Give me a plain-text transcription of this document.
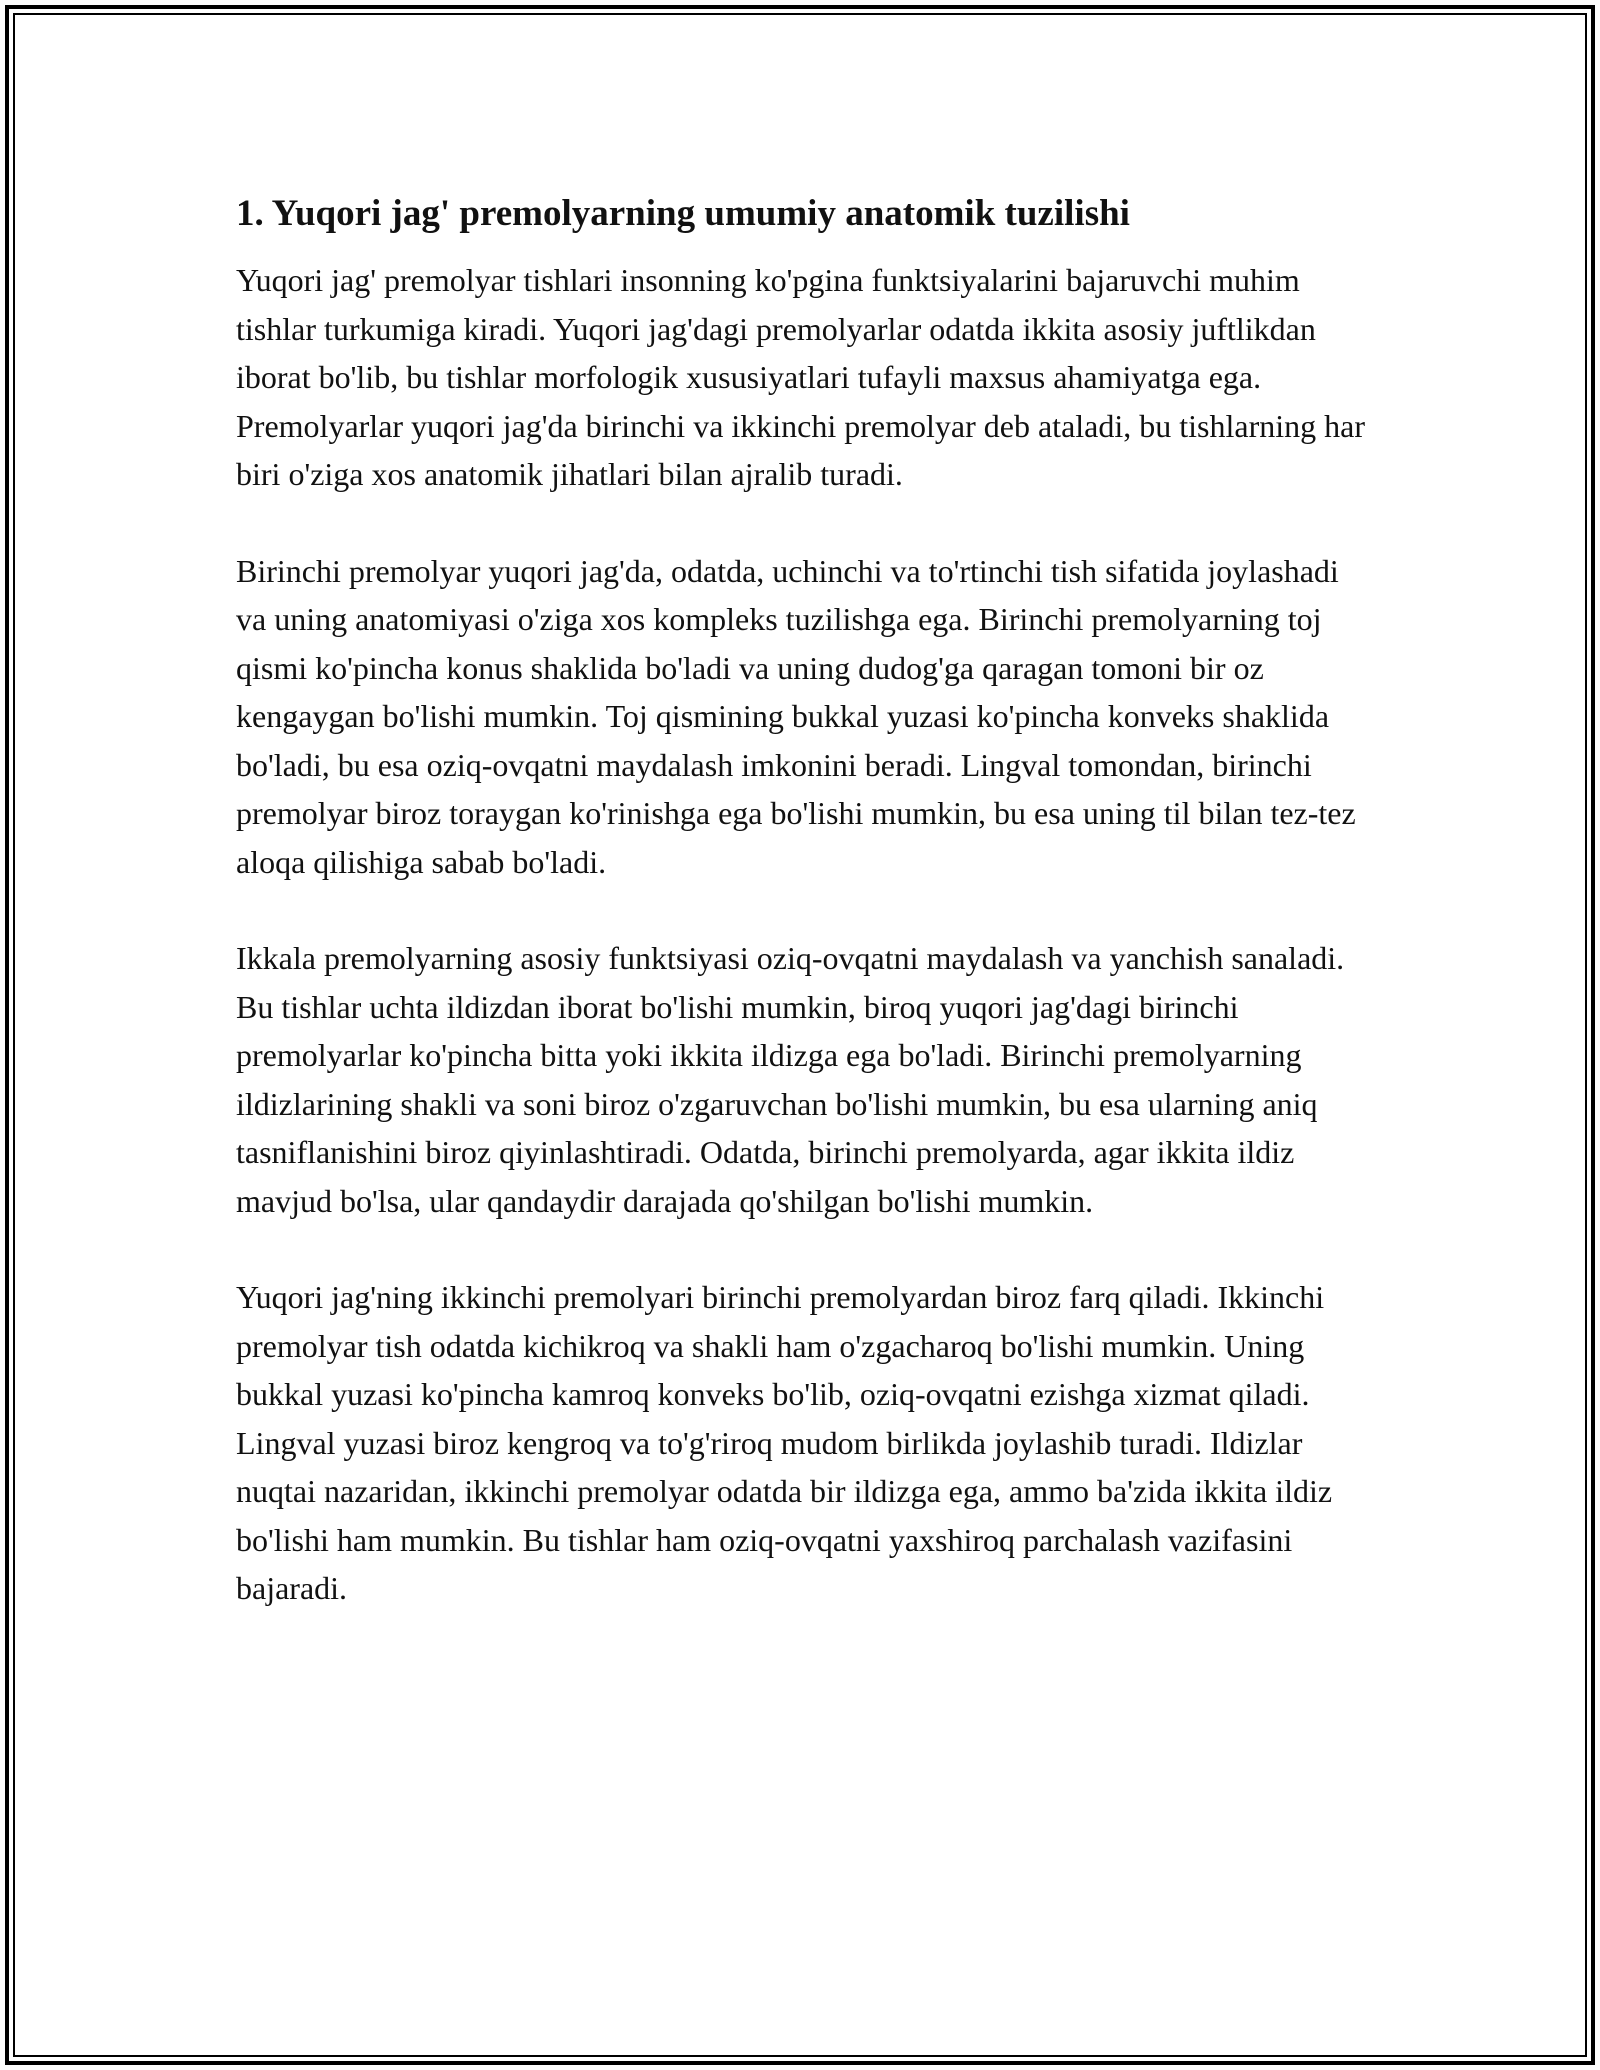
1. Yuqori jag' premolyarning umumiy anatomik tuzilishi

Yuqori jag' premolyar tishlari insonning ko'pgina funktsiyalarini bajaruvchi muhim tishlar turkumiga kiradi. Yuqori jag'dagi premolyarlar odatda ikkita asosiy juftlikdan iborat bo'lib, bu tishlar morfologik xususiyatlari tufayli maxsus ahamiyatga ega. Premolyarlar yuqori jag'da birinchi va ikkinchi premolyar deb ataladi, bu tishlarning har biri o'ziga xos anatomik jihatlari bilan ajralib turadi.

Birinchi premolyar yuqori jag'da, odatda, uchinchi va to'rtinchi tish sifatida joylashadi va uning anatomiyasi o'ziga xos kompleks tuzilishga ega. Birinchi premolyarning toj qismi ko'pincha konus shaklida bo'ladi va uning dudog'ga qaragan tomoni bir oz kengaygan bo'lishi mumkin. Toj qismining bukkal yuzasi ko'pincha konveks shaklida bo'ladi, bu esa oziq-ovqatni maydalash imkonini beradi. Lingval tomondan, birinchi premolyar biroz toraygan ko'rinishga ega bo'lishi mumkin, bu esa uning til bilan tez-tez aloqa qilishiga sabab bo'ladi.

Ikkala premolyarning asosiy funktsiyasi oziq-ovqatni maydalash va yanchish sanaladi. Bu tishlar uchta ildizdan iborat bo'lishi mumkin, biroq yuqori jag'dagi birinchi premolyarlar ko'pincha bitta yoki ikkita ildizga ega bo'ladi. Birinchi premolyarning ildizlarining shakli va soni biroz o'zgaruvchan bo'lishi mumkin, bu esa ularning aniq tasniflanishini biroz qiyinlashtiradi. Odatda, birinchi premolyarda, agar ikkita ildiz mavjud bo'lsa, ular qandaydir darajada qo'shilgan bo'lishi mumkin.

Yuqori jag'ning ikkinchi premolyari birinchi premolyardan biroz farq qiladi. Ikkinchi premolyar tish odatda kichikroq va shakli ham o'zgacharoq bo'lishi mumkin. Uning bukkal yuzasi ko'pincha kamroq konveks bo'lib, oziq-ovqatni ezishga xizmat qiladi. Lingval yuzasi biroz kengroq va to'g'riroq mudom birlikda joylashib turadi. Ildizlar nuqtai nazaridan, ikkinchi premolyar odatda bir ildizga ega, ammo ba'zida ikkita ildiz bo'lishi ham mumkin. Bu tishlar ham oziq-ovqatni yaxshiroq parchalash vazifasini bajaradi.
